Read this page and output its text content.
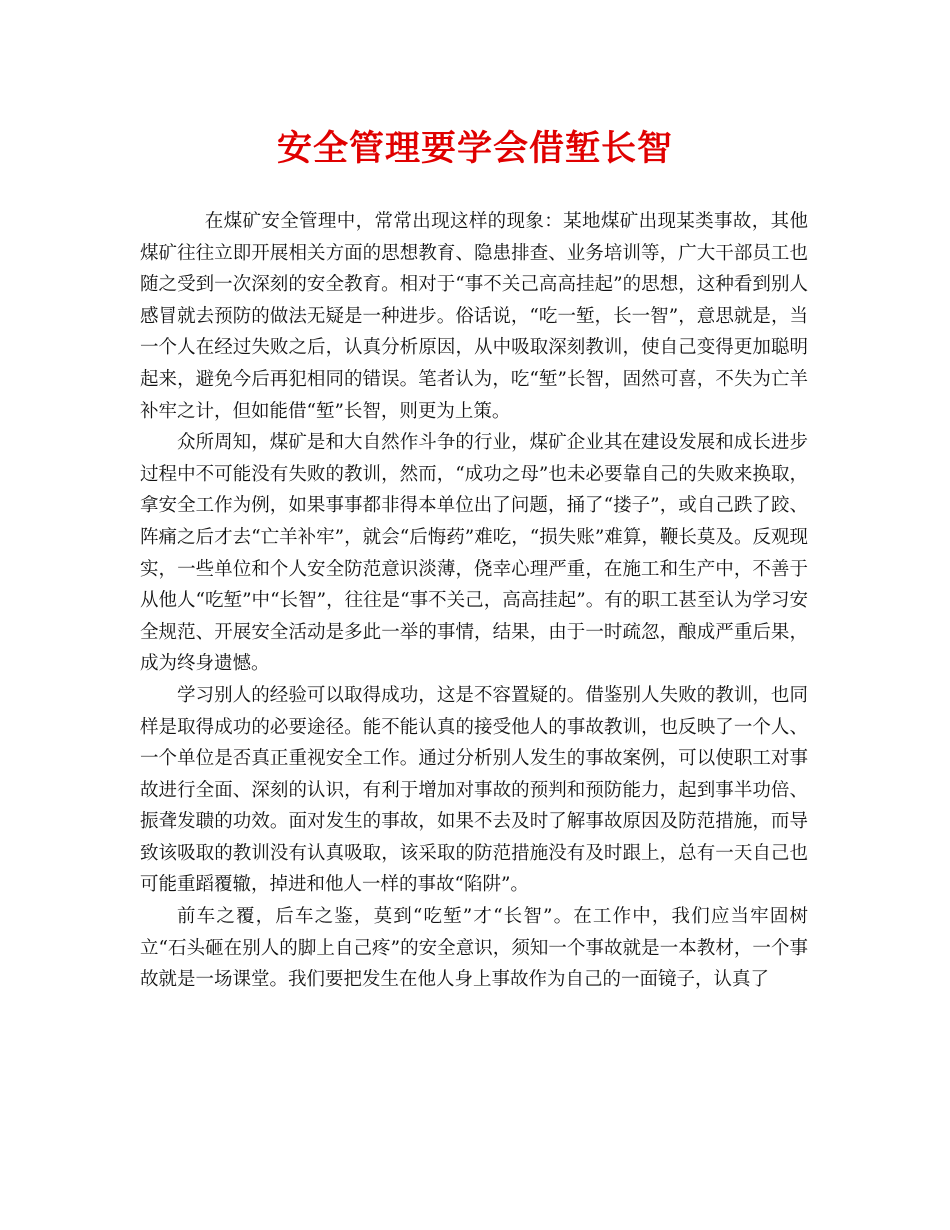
安全管理要学会借堑长智

在煤矿安全管理中，常常出现这样的现象：某地煤矿出现某类事故，其他煤矿往往立即开展相关方面的思想教育、隐患排查、业务培训等，广大干部员工也随之受到一次深刻的安全教育。相对于“事不关己高高挂起”的思想，这种看到别人感冒就去预防的做法无疑是一种进步。俗话说，“吃一堑，长一智”，意思就是，当一个人在经过失败之后，认真分析原因，从中吸取深刻教训，使自己变得更加聪明起来，避免今后再犯相同的错误。笔者认为，吃“堑”长智，固然可喜，不失为亡羊补牢之计，但如能借“堑”长智，则更为上策。

众所周知，煤矿是和大自然作斗争的行业，煤矿企业其在建设发展和成长进步过程中不可能没有失败的教训，然而，“成功之母”也未必要靠自己的失败来换取，拿安全工作为例，如果事事都非得本单位出了问题，捅了“搂子”，或自己跌了跤、阵痛之后才去“亡羊补牢”，就会“后悔药”难吃，“损失账”难算，鞭长莫及。反观现实，一些单位和个人安全防范意识淡薄，侥幸心理严重，在施工和生产中，不善于从他人“吃堑”中“长智”，往往是“事不关己，高高挂起”。有的职工甚至认为学习安全规范、开展安全活动是多此一举的事情，结果，由于一时疏忽，酿成严重后果，成为终身遗憾。

学习别人的经验可以取得成功，这是不容置疑的。借鉴别人失败的教训，也同样是取得成功的必要途径。能不能认真的接受他人的事故教训，也反映了一个人、一个单位是否真正重视安全工作。通过分析别人发生的事故案例，可以使职工对事故进行全面、深刻的认识，有利于增加对事故的预判和预防能力，起到事半功倍、振聋发聩的功效。面对发生的事故，如果不去及时了解事故原因及防范措施，而导致该吸取的教训没有认真吸取，该采取的防范措施没有及时跟上，总有一天自己也可能重蹈覆辙，掉进和他人一样的事故“陷阱”。

前车之覆，后车之鉴，莫到“吃堑”才“长智”。在工作中，我们应当牢固树立“石头砸在别人的脚上自己疼”的安全意识，须知一个事故就是一本教材，一个事故就是一场课堂。我们要把发生在他人身上事故作为自己的一面镜子，认真了
